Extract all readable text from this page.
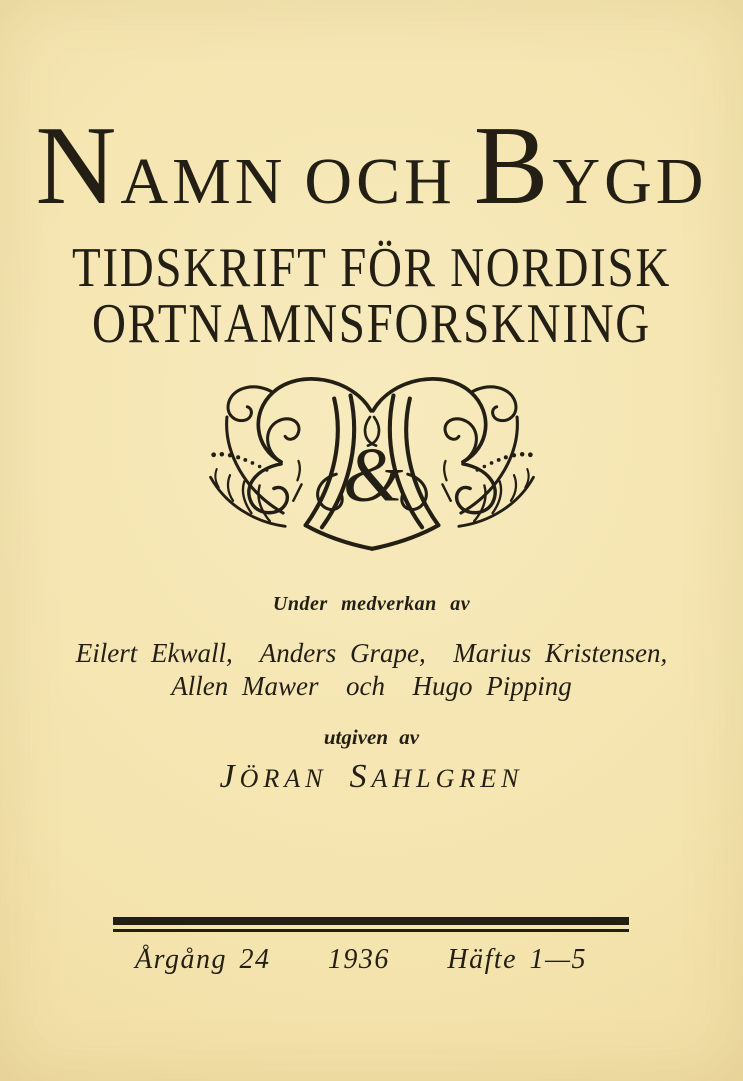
N AMN OCH B YGD
TIDSKRIFT FÖR NORDISK
ORTNAMNSFORSKNING
&
Under medverkan av
Eilert Ekwall,  Anders Grape,  Marius Kristensen,
Allen Mawer  och  Hugo Pipping
utgiven av
J ÖRAN S AHLGREN
Årgång 24 1936 Häfte 1—5
